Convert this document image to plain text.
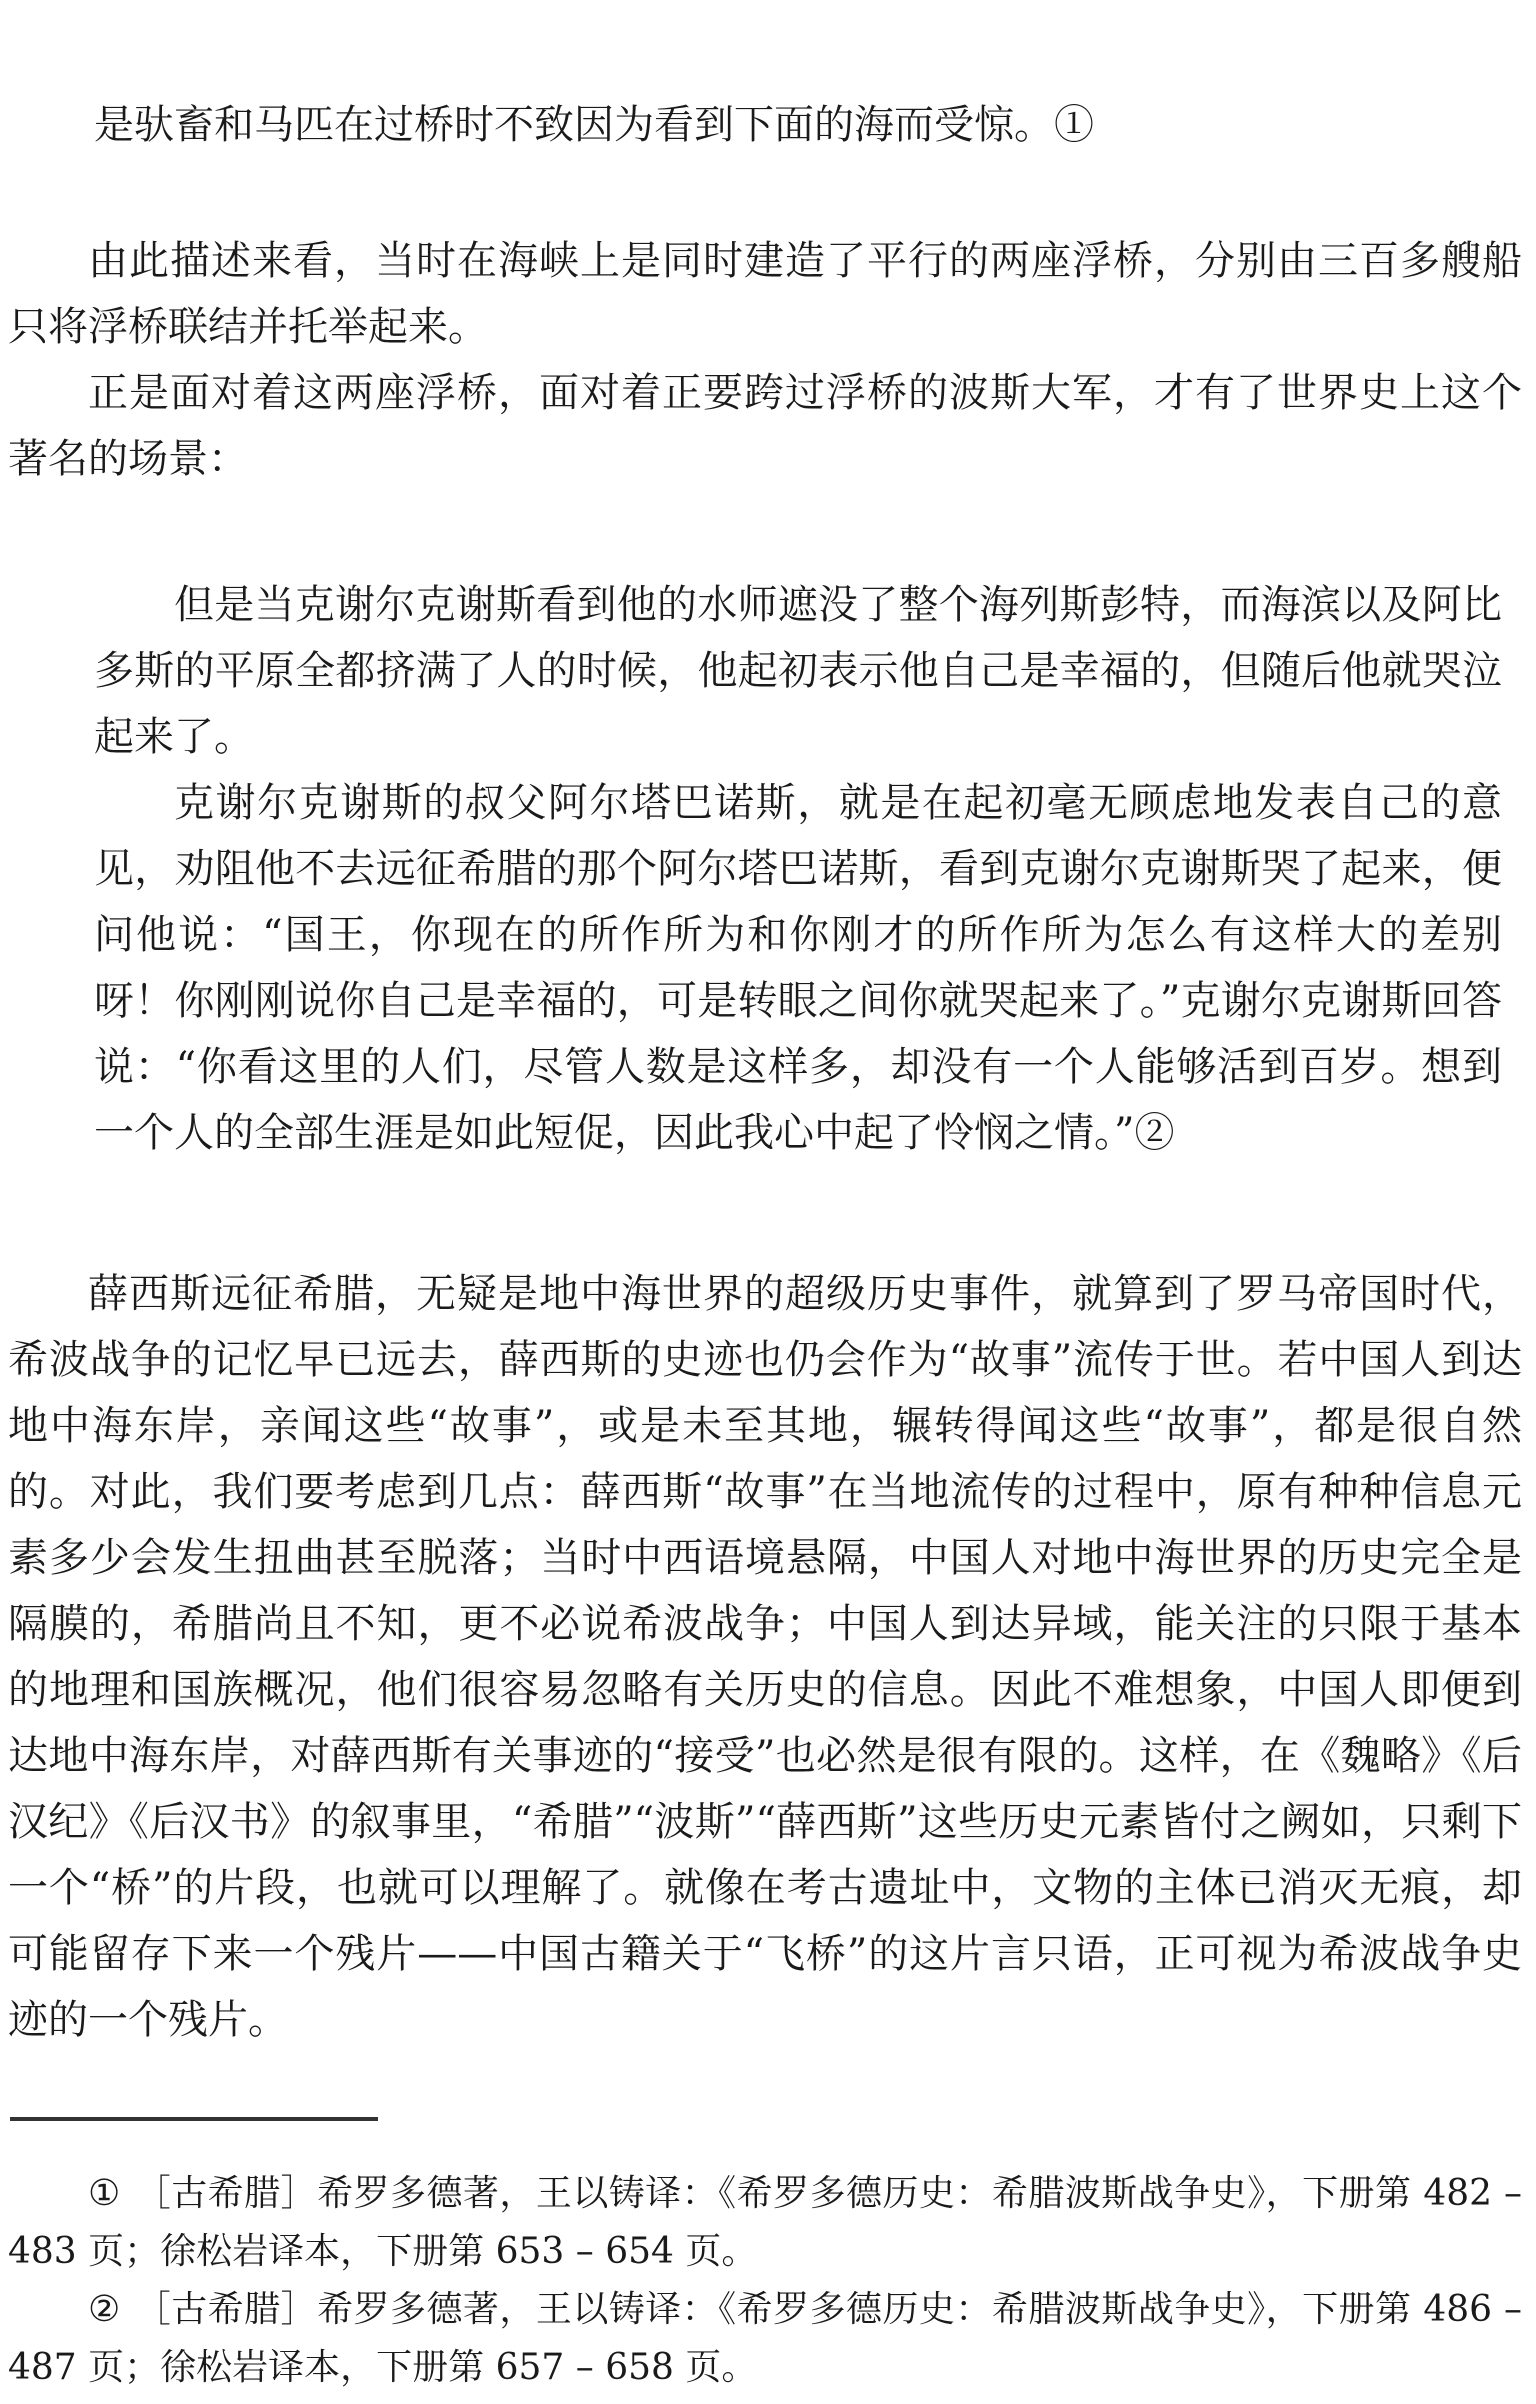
是驮畜和马匹在过桥时不致因为看到下面的海而受惊。①

由此描述来看，当时在海峡上是同时建造了平行的两座浮桥，分别由三百多艘船只将浮桥联结并托举起来。

正是面对着这两座浮桥，面对着正要跨过浮桥的波斯大军，才有了世界史上这个著名的场景：

但是当克谢尔克谢斯看到他的水师遮没了整个海列斯彭特，而海滨以及阿比多斯的平原全都挤满了人的时候，他起初表示他自己是幸福的，但随后他就哭泣起来了。

克谢尔克谢斯的叔父阿尔塔巴诺斯，就是在起初毫无顾虑地发表自己的意见，劝阻他不去远征希腊的那个阿尔塔巴诺斯，看到克谢尔克谢斯哭了起来，便问他说：“国王，你现在的所作所为和你刚才的所作所为怎么有这样大的差别呀！你刚刚说你自己是幸福的，可是转眼之间你就哭起来了。”克谢尔克谢斯回答说：“你看这里的人们，尽管人数是这样多，却没有一个人能够活到百岁。想到一个人的全部生涯是如此短促，因此我心中起了怜悯之情。”②

薛西斯远征希腊，无疑是地中海世界的超级历史事件，就算到了罗马帝国时代，希波战争的记忆早已远去，薛西斯的史迹也仍会作为“故事”流传于世。若中国人到达地中海东岸，亲闻这些“故事”，或是未至其地，辗转得闻这些“故事”，都是很自然的。对此，我们要考虑到几点：薛西斯“故事”在当地流传的过程中，原有种种信息元素多少会发生扭曲甚至脱落；当时中西语境悬隔，中国人对地中海世界的历史完全是隔膜的，希腊尚且不知，更不必说希波战争；中国人到达异域，能关注的只限于基本的地理和国族概况，他们很容易忽略有关历史的信息。因此不难想象，中国人即便到达地中海东岸，对薛西斯有关事迹的“接受”也必然是很有限的。这样，在《魏略》《后汉纪》《后汉书》的叙事里，“希腊”“波斯”“薛西斯”这些历史元素皆付之阙如，只剩下一个“桥”的片段，也就可以理解了。就像在考古遗址中，文物的主体已消灭无痕，却可能留存下来一个残片——中国古籍关于“飞桥”的这片言只语，正可视为希波战争史迹的一个残片。

① ［古希腊］希罗多德著，王以铸译：《希罗多德历史：希腊波斯战争史》，下册第 482 – 483 页；徐松岩译本，下册第 653 – 654 页。

② ［古希腊］希罗多德著，王以铸译：《希罗多德历史：希腊波斯战争史》，下册第 486 – 487 页；徐松岩译本，下册第 657 – 658 页。
